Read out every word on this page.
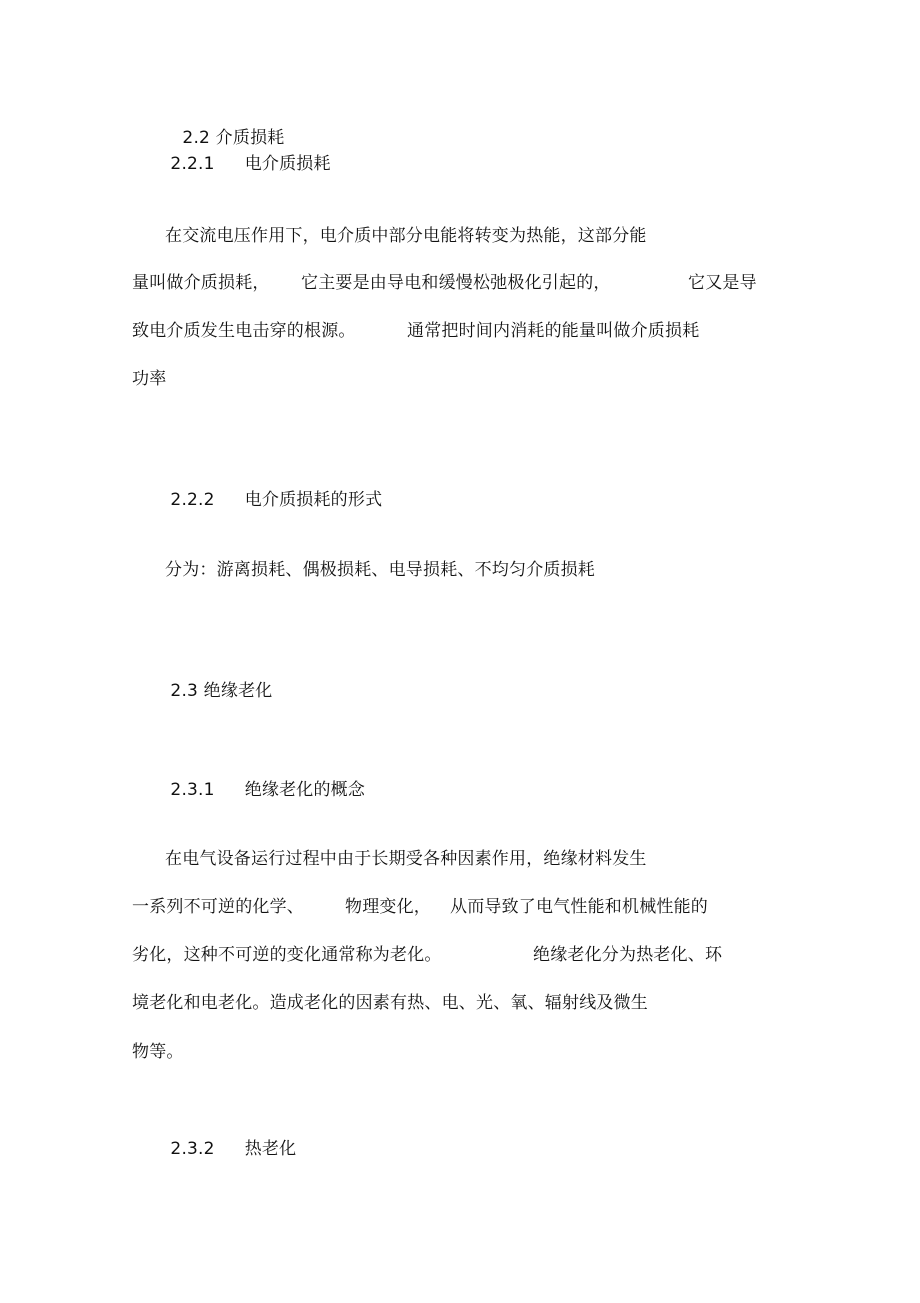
2.2 介质损耗

2.2.1 电介质损耗

在交流电压作用下，电介质中部分电能将转变为热能，这部分能
量叫做介质损耗， 它主要是由导电和缓慢松弛极化引起的，	它又是导
致电介质发生电击穿的根源。	通常把时间内消耗的能量叫做介质损耗
功率

2.2.2 电介质损耗的形式

分为：游离损耗、偶极损耗、电导损耗、不均匀介质损耗

2.3 绝缘老化

2.3.1 绝缘老化的概念

在电气设备运行过程中由于长期受各种因素作用，绝缘材料发生
一系列不可逆的化学、 物理变化， 从而导致了电气性能和机械性能的
劣化，这种不可逆的变化通常称为老化。	绝缘老化分为热老化、环
境老化和电老化。造成老化的因素有热、电、光、氧、辐射线及微生
物等。

2.3.2 热老化
